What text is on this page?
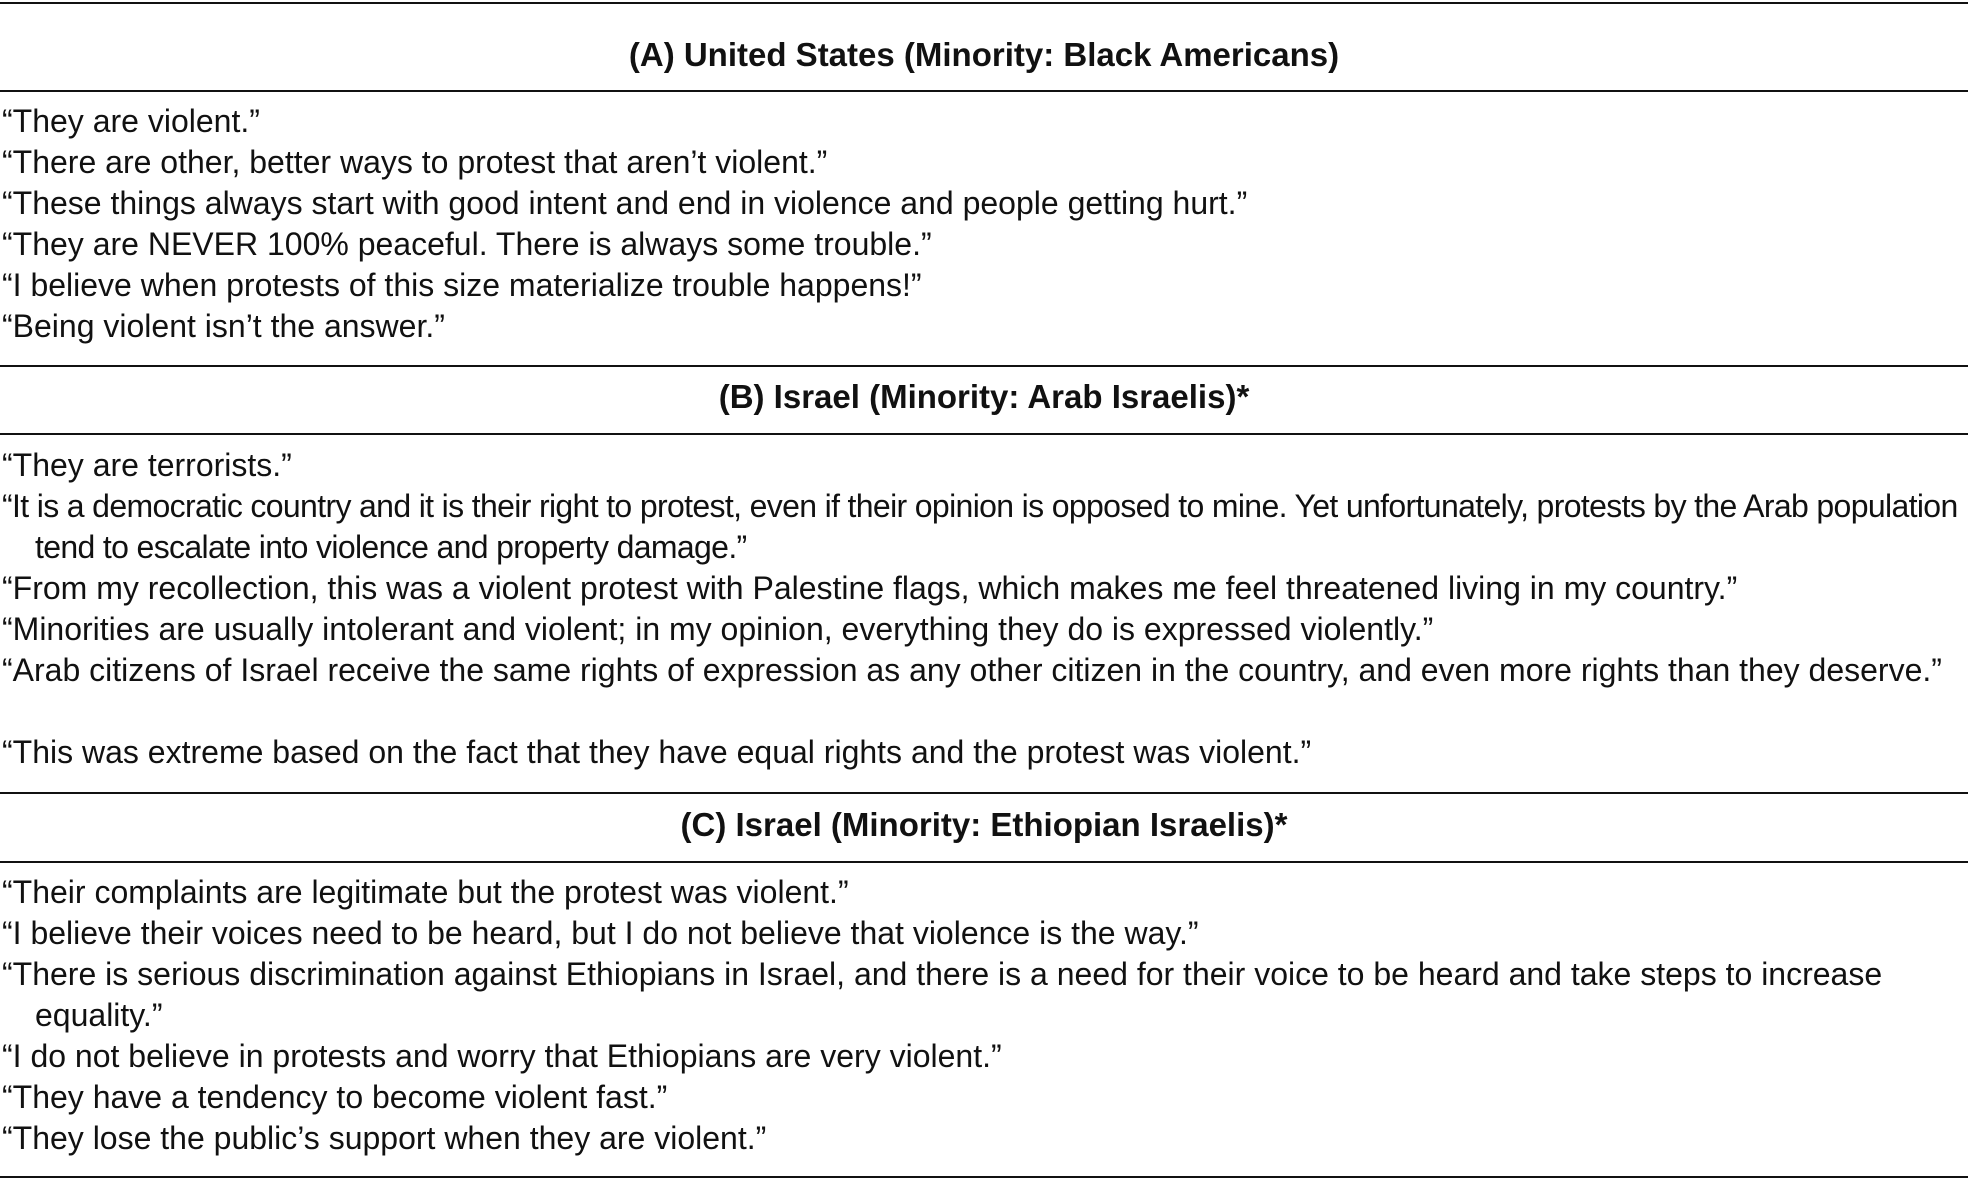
(A) United States (Minority: Black Americans)
“They are violent.”
“There are other, better ways to protest that aren’t violent.”
“These things always start with good intent and end in violence and people getting hurt.”
“They are NEVER 100% peaceful. There is always some trouble.”
“I believe when protests of this size materialize trouble happens!”
“Being violent isn’t the answer.”
(B) Israel (Minority: Arab Israelis)*
“They are terrorists.”
“It is a democratic country and it is their right to protest, even if their opinion is opposed to mine. Yet unfortunately, protests by the Arab population tend to escalate into violence and property damage.”
“From my recollection, this was a violent protest with Palestine flags, which makes me feel threatened living in my country.”
“Minorities are usually intolerant and violent; in my opinion, everything they do is expressed violently.”
“Arab citizens of Israel receive the same rights of expression as any other citizen in the country, and even more rights than they deserve.”
“This was extreme based on the fact that they have equal rights and the protest was violent.”
(C) Israel (Minority: Ethiopian Israelis)*
“Their complaints are legitimate but the protest was violent.”
“I believe their voices need to be heard, but I do not believe that violence is the way.”
“There is serious discrimination against Ethiopians in Israel, and there is a need for their voice to be heard and take steps to increase equality.”
“I do not believe in protests and worry that Ethiopians are very violent.”
“They have a tendency to become violent fast.”
“They lose the public’s support when they are violent.”
